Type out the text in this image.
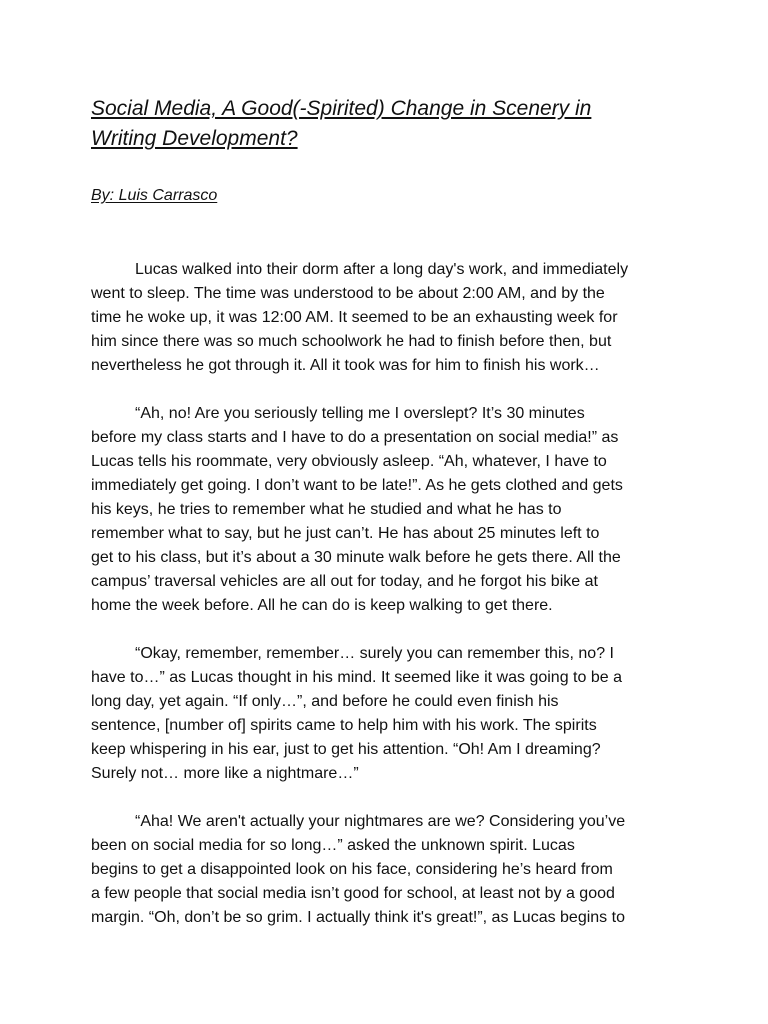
Social Media, A Good(-Spirited) Change in Scenery in
Writing Development?

By: Luis Carrasco

Lucas walked into their dorm after a long day's work, and immediately
went to sleep. The time was understood to be about 2:00 AM, and by the
time he woke up, it was 12:00 AM. It seemed to be an exhausting week for
him since there was so much schoolwork he had to finish before then, but
nevertheless he got through it. All it took was for him to finish his work…

“Ah, no! Are you seriously telling me I overslept? It’s 30 minutes
before my class starts and I have to do a presentation on social media!” as
Lucas tells his roommate, very obviously asleep. “Ah, whatever, I have to
immediately get going. I don’t want to be late!”. As he gets clothed and gets
his keys, he tries to remember what he studied and what he has to
remember what to say, but he just can’t. He has about 25 minutes left to
get to his class, but it’s about a 30 minute walk before he gets there. All the
campus’ traversal vehicles are all out for today, and he forgot his bike at
home the week before. All he can do is keep walking to get there.

“Okay, remember, remember… surely you can remember this, no? I
have to…” as Lucas thought in his mind. It seemed like it was going to be a
long day, yet again. “If only…”, and before he could even finish his
sentence, [number of] spirits came to help him with his work. The spirits
keep whispering in his ear, just to get his attention. “Oh! Am I dreaming?
Surely not… more like a nightmare…”

“Aha! We aren't actually your nightmares are we? Considering you’ve
been on social media for so long…” asked the unknown spirit. Lucas
begins to get a disappointed look on his face, considering he’s heard from
a few people that social media isn’t good for school, at least not by a good
margin. “Oh, don’t be so grim. I actually think it's great!”, as Lucas begins to
